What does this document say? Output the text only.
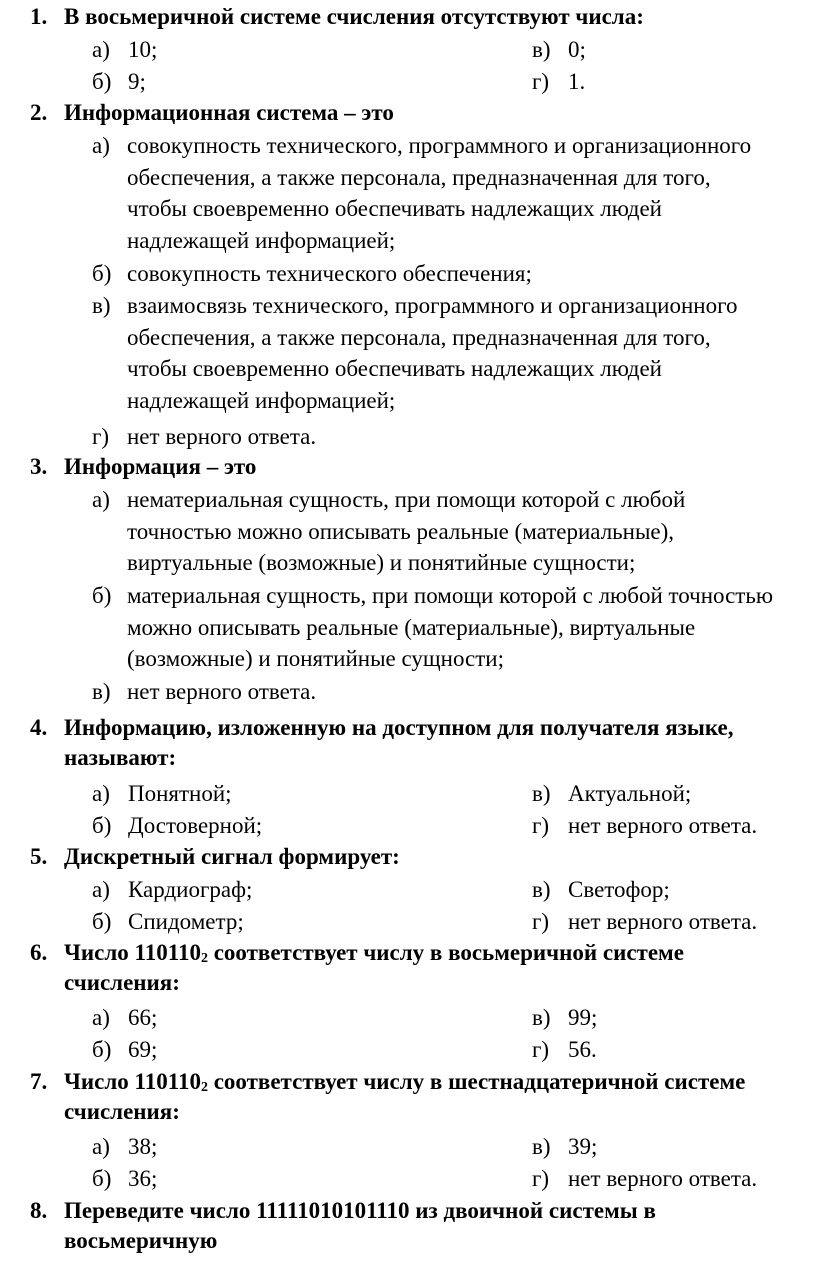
1. В восьмеричной системе счисления отсутствуют числа:
а) 10;	в) 0;
б) 9;	г) 1.
2. Информационная система – это
а) совокупность технического, программного и организационного
обеспечения, а также персонала, предназначенная для того,
чтобы своевременно обеспечивать надлежащих людей
надлежащей информацией;
б) совокупность технического обеспечения;
в) взаимосвязь технического, программного и организационного
обеспечения, а также персонала, предназначенная для того,
чтобы своевременно обеспечивать надлежащих людей
надлежащей информацией;
г) нет верного ответа.
3. Информация – это
а) нематериальная сущность, при помощи которой с любой
точностью можно описывать реальные (материальные),
виртуальные (возможные) и понятийные сущности;
б) материальная сущность, при помощи которой с любой точностью
можно описывать реальные (материальные), виртуальные
(возможные) и понятийные сущности;
в) нет верного ответа.
4. Информацию, изложенную на доступном для получателя языке,
называют:
а) Понятной;	в) Актуальной;
б) Достоверной;	г) нет верного ответа.
5. Дискретный сигнал формирует:
а) Кардиограф;	в) Светофор;
б) Спидометр;	г) нет верного ответа.
6. Число $110110_2$ соответствует числу в восьмеричной системе
счисления:
а) 66;	в) 99;
б) 69;	г) 56.
7. Число $110110_2$ соответствует числу в шестнадцатеричной системе
счисления:
а) 38;	в) 39;
б) 36;	г) нет верного ответа.
8. Переведите число 11111010101110 из двоичной системы в
восьмеричную
